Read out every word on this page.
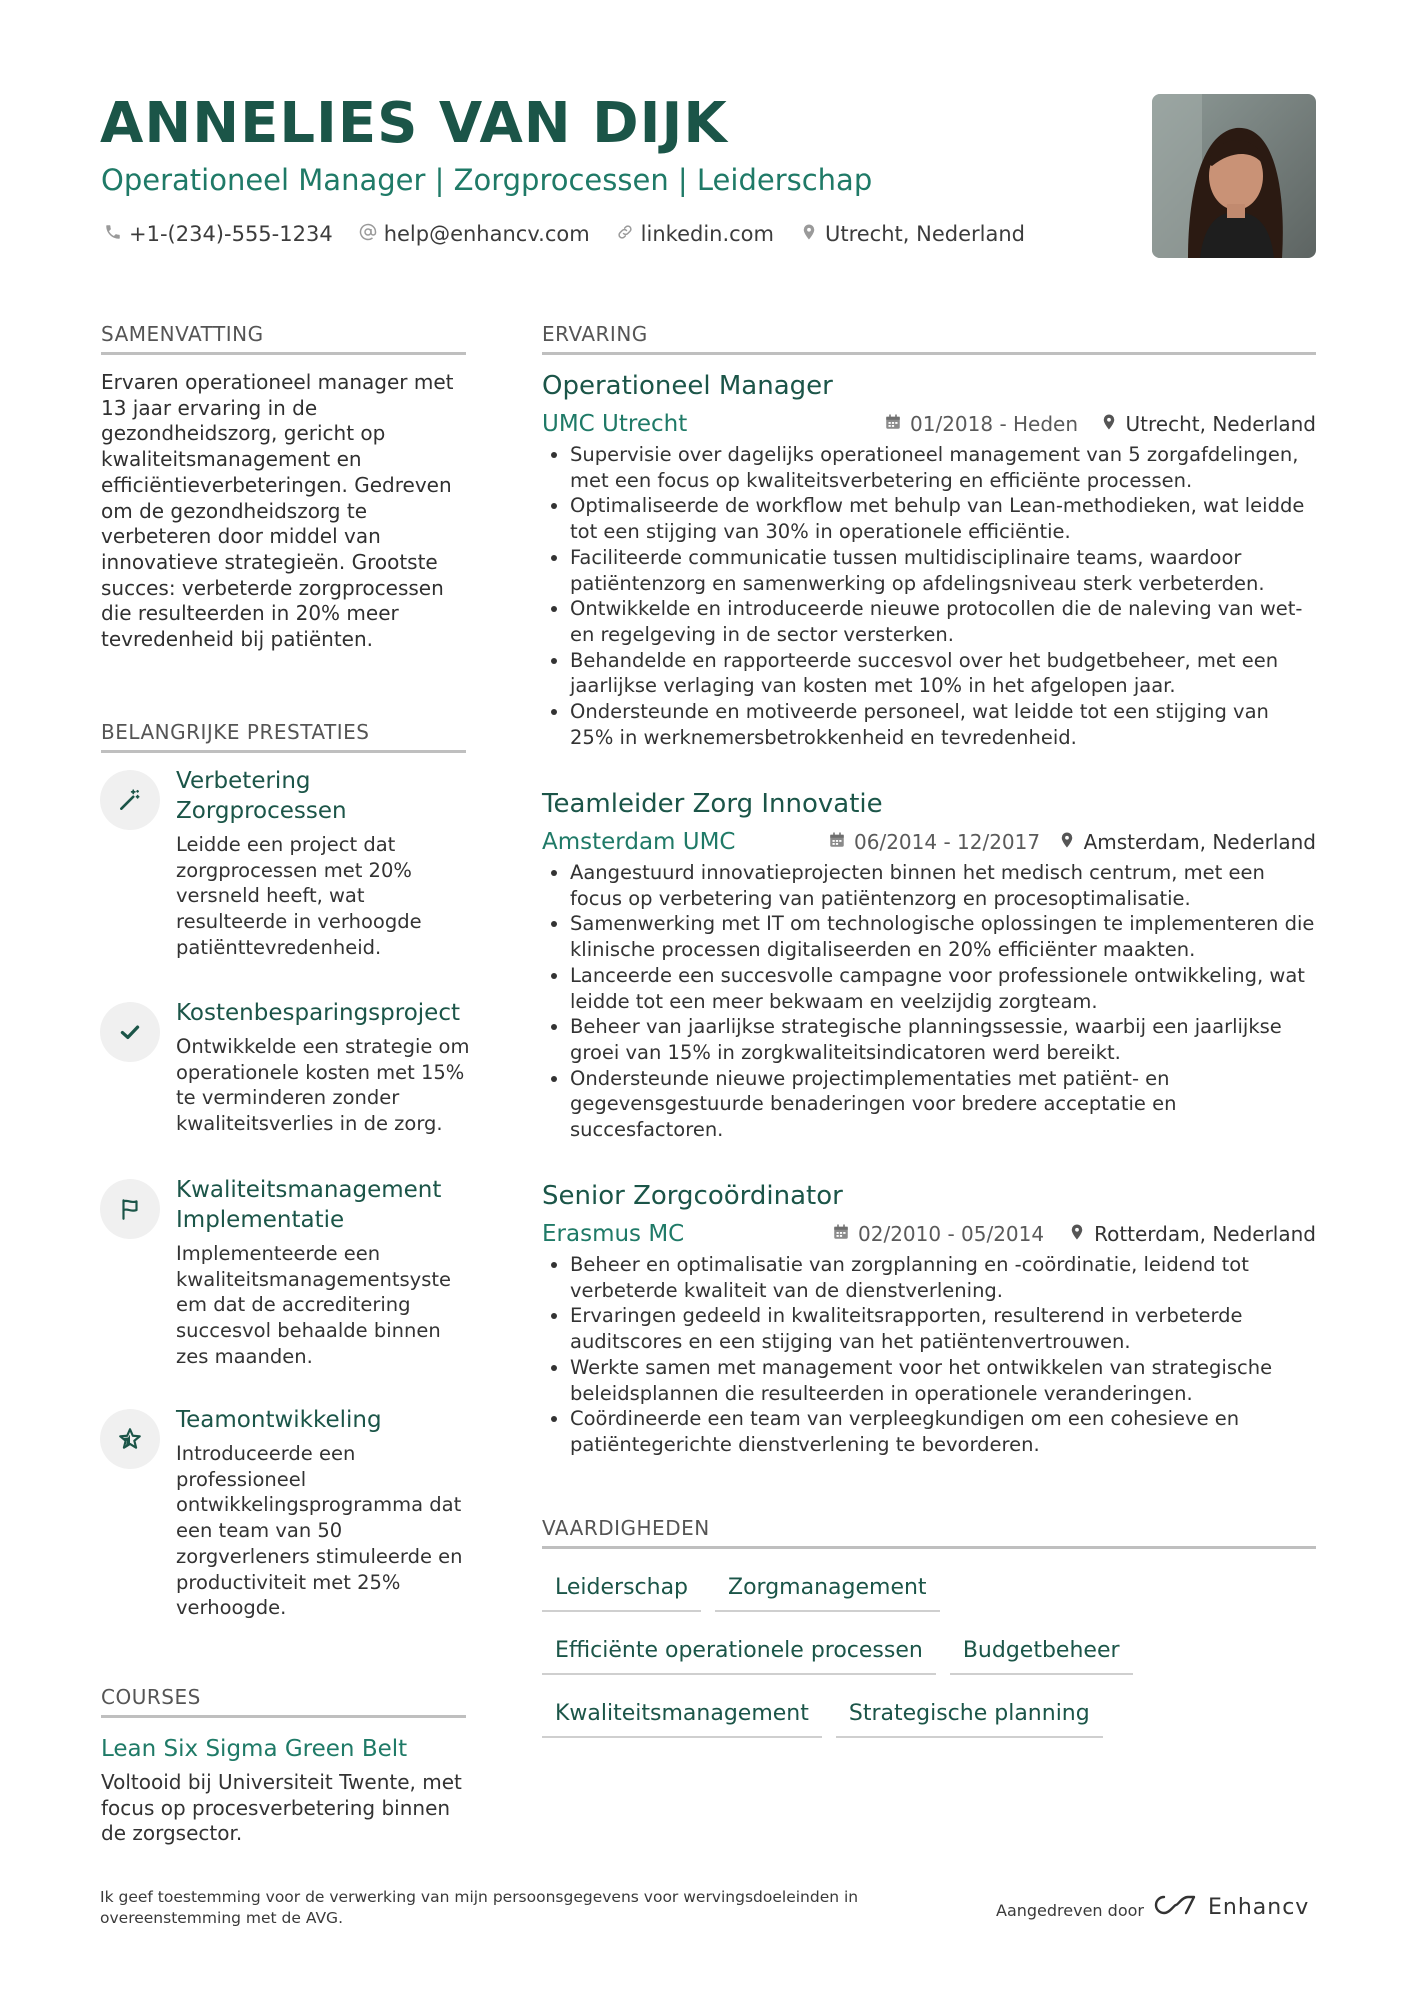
ANNELIES VAN DIJK
Operationeel Manager | Zorgprocessen | Leiderschap
+1-(234)-555-1234 help@enhancv.com linkedin.com Utrecht, Nederland
SAMENVATTING

Ervaren operationeel manager met 13 jaar ervaring in de gezondheidszorg, gericht op kwaliteitsmanagement en efficiëntieverbeteringen. Gedreven om de gezondheidszorg te verbeteren door middel van innovatieve strategieën. Grootste succes: verbeterde zorgprocessen die resulteerden in 20% meer tevredenheid bij patiënten.

BELANGRIJKE PRESTATIES
Verbetering Zorgprocessen
Leidde een project dat zorgprocessen met 20% versneld heeft, wat resulteerde in verhoogde patiënttevredenheid.
Kostenbesparingsproject
Ontwikkelde een strategie om operationele kosten met 15% te verminderen zonder kwaliteitsverlies in de zorg.
Kwaliteitsmanagement Implementatie
Implementeerde een kwaliteitsmanagementsyste em dat de accreditering succesvol behaalde binnen zes maanden.
Teamontwikkeling
Introduceerde een professioneel ontwikkelingsprogramma dat een team van 50 zorgverleners stimuleerde en productiviteit met 25% verhoogde.
COURSES
Lean Six Sigma Green Belt
Voltooid bij Universiteit Twente, met focus op procesverbetering binnen de zorgsector.
ERVARING
Operationeel Manager
UMC Utrecht	01/2018 - Heden Utrecht, Nederland
• Supervisie over dagelijks operationeel management van 5 zorgafdelingen, met een focus op kwaliteitsverbetering en efficiënte processen.
• Optimaliseerde de workflow met behulp van Lean-methodieken, wat leidde tot een stijging van 30% in operationele efficiëntie.
• Faciliteerde communicatie tussen multidisciplinaire teams, waardoor patiëntenzorg en samenwerking op afdelingsniveau sterk verbeterden.
• Ontwikkelde en introduceerde nieuwe protocollen die de naleving van wet- en regelgeving in de sector versterken.
• Behandelde en rapporteerde succesvol over het budgetbeheer, met een jaarlijkse verlaging van kosten met 10% in het afgelopen jaar.
• Ondersteunde en motiveerde personeel, wat leidde tot een stijging van 25% in werknemersbetrokkenheid en tevredenheid.
Teamleider Zorg Innovatie
Amsterdam UMC	06/2014 - 12/2017 Amsterdam, Nederland
• Aangestuurd innovatieprojecten binnen het medisch centrum, met een focus op verbetering van patiëntenzorg en procesoptimalisatie.
• Samenwerking met IT om technologische oplossingen te implementeren die klinische processen digitaliseerden en 20% efficiënter maakten.
• Lanceerde een succesvolle campagne voor professionele ontwikkeling, wat leidde tot een meer bekwaam en veelzijdig zorgteam.
• Beheer van jaarlijkse strategische planningssessie, waarbij een jaarlijkse groei van 15% in zorgkwaliteitsindicatoren werd bereikt.
• Ondersteunde nieuwe projectimplementaties met patiënt- en gegevensgestuurde benaderingen voor bredere acceptatie en succesfactoren.
Senior Zorgcoördinator
Erasmus MC	02/2010 - 05/2014 Rotterdam, Nederland
• Beheer en optimalisatie van zorgplanning en -coördinatie, leidend tot verbeterde kwaliteit van de dienstverlening.
• Ervaringen gedeeld in kwaliteitsrapporten, resulterend in verbeterde auditscores en een stijging van het patiëntenvertrouwen.
• Werkte samen met management voor het ontwikkelen van strategische beleidsplannen die resulteerden in operationele veranderingen.
• Coördineerde een team van verpleegkundigen om een cohesieve en patiëntegerichte dienstverlening te bevorderen.
VAARDIGHEDEN
Leiderschap	Zorgmanagement
Efficiënte operationele processen	Budgetbeheer
Kwaliteitsmanagement	Strategische planning
Ik geef toestemming voor de verwerking van mijn persoonsgegevens voor wervingsdoeleinden in overeenstemming met de AVG.	Aangedreven door	Enhancv
